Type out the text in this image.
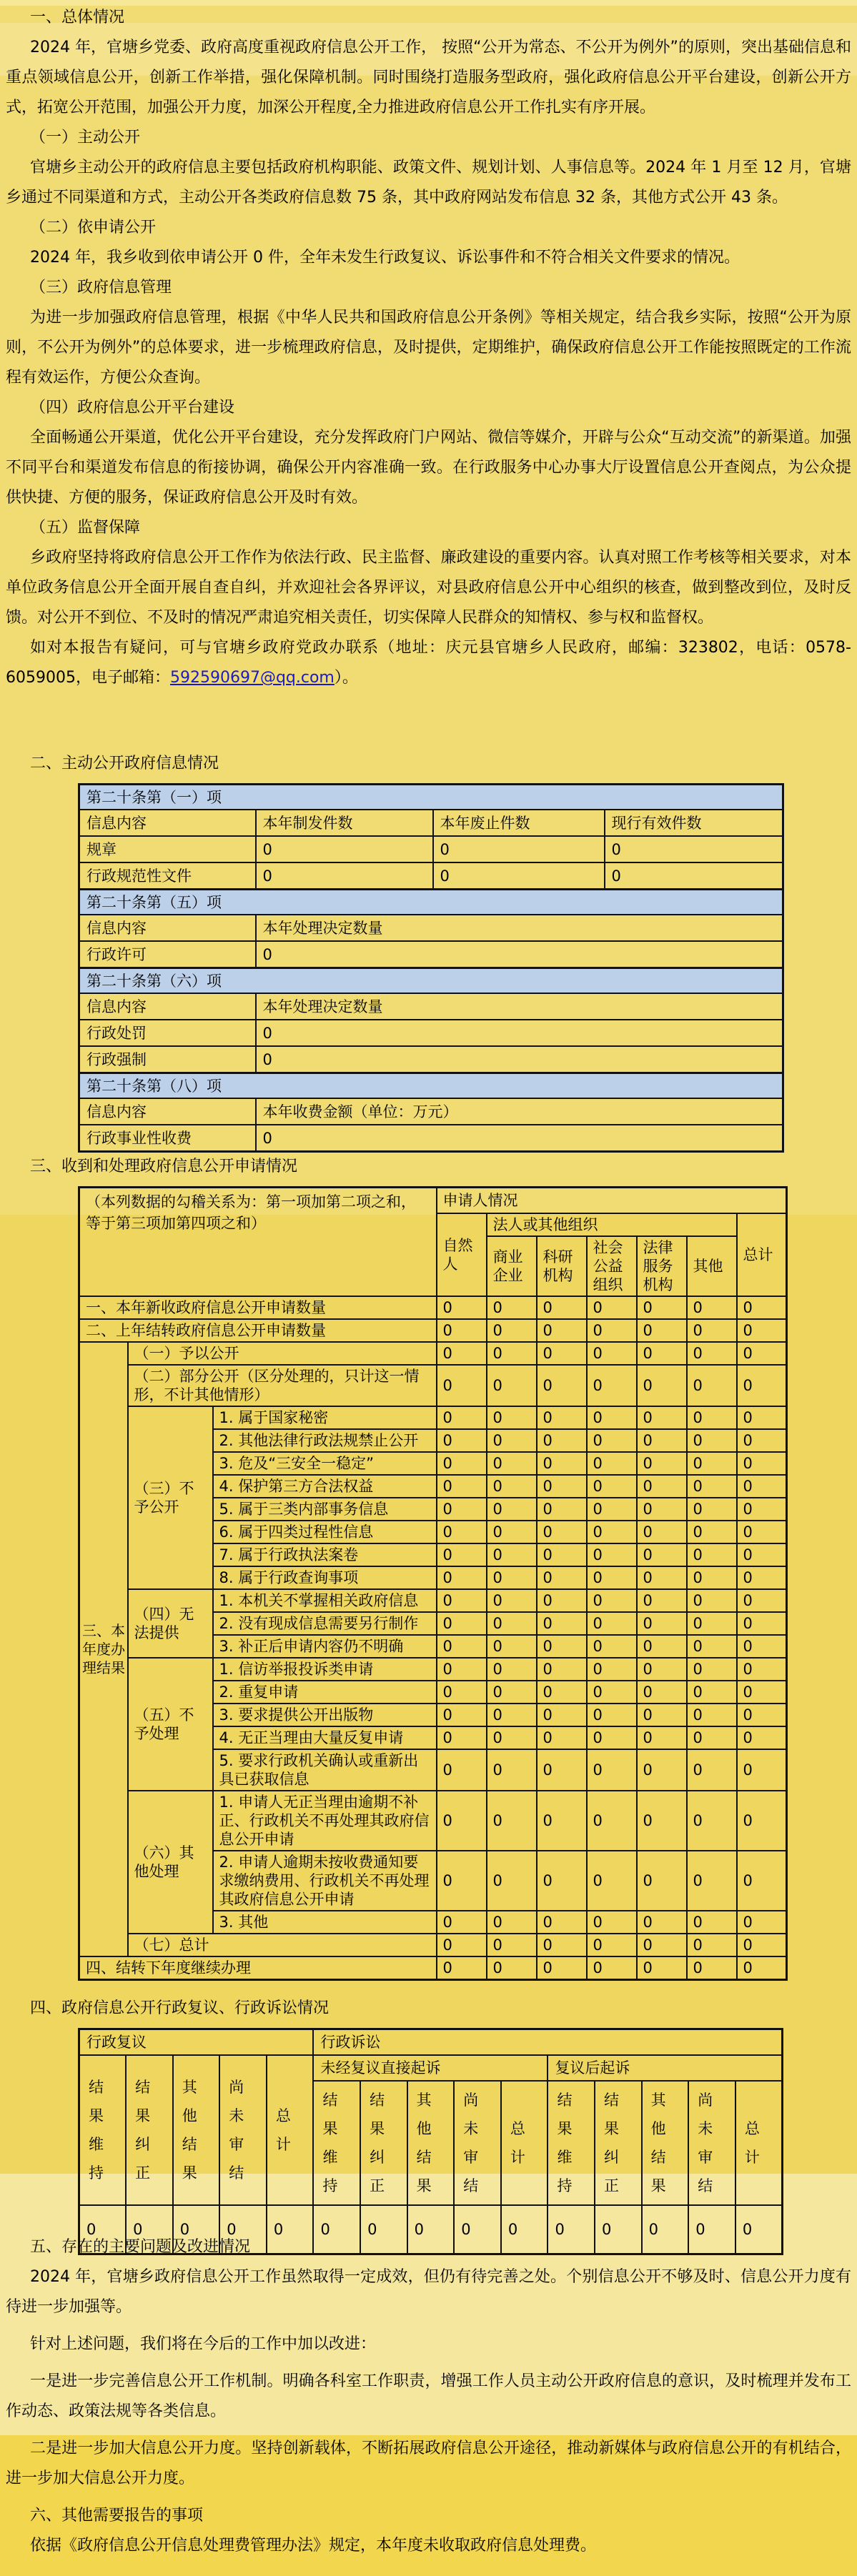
一、总体情况

2024 年，官塘乡党委、政府高度重视政府信息公开工作， 按照“公开为常态、不公开为例外”的原则，突出基础信息和重点领域信息公开，创新工作举措，强化保障机制。同时围绕打造服务型政府，强化政府信息公开平台建设，创新公开方式，拓宽公开范围，加强公开力度，加深公开程度,全力推进政府信息公开工作扎实有序开展。

（一）主动公开

官塘乡主动公开的政府信息主要包括政府机构职能、政策文件、规划计划、人事信息等。2024 年 1 月至 12 月，官塘乡通过不同渠道和方式，主动公开各类政府信息数 75 条，其中政府网站发布信息 32 条，其他方式公开 43 条。

（二）依申请公开

2024 年，我乡收到依申请公开 0 件，全年未发生行政复议、诉讼事件和不符合相关文件要求的情况。

（三）政府信息管理

为进一步加强政府信息管理，根据《中华人民共和国政府信息公开条例》等相关规定，结合我乡实际，按照“公开为原则，不公开为例外”的总体要求，进一步梳理政府信息，及时提供，定期维护，确保政府信息公开工作能按照既定的工作流程有效运作，方便公众查询。

（四）政府信息公开平台建设

全面畅通公开渠道，优化公开平台建设，充分发挥政府门户网站、微信等媒介，开辟与公众“互动交流”的新渠道。加强不同平台和渠道发布信息的衔接协调，确保公开内容准确一致。在行政服务中心办事大厅设置信息公开查阅点，为公众提供快捷、方便的服务，保证政府信息公开及时有效。

（五）监督保障

乡政府坚持将政府信息公开工作作为依法行政、民主监督、廉政建设的重要内容。认真对照工作考核等相关要求，对本单位政务信息公开全面开展自查自纠，并欢迎社会各界评议，对县政府信息公开中心组织的核查，做到整改到位，及时反馈。对公开不到位、不及时的情况严肃追究相关责任，切实保障人民群众的知情权、参与权和监督权。

如对本报告有疑问，可与官塘乡政府党政办联系（地址：庆元县官塘乡人民政府，邮编：323802，电话：0578-6059005，电子邮箱：592590697@qq.com）。

二、主动公开政府信息情况
第二十条第（一）项			
信息内容	本年制发件数	本年废止件数	现行有效件数
规章	0	0	0
行政规范性文件	0	0	0
第二十条第（五）项			
信息内容	本年处理决定数量		
行政许可	0		
第二十条第（六）项			
信息内容	本年处理决定数量		
行政处罚	0		
行政强制	0		
第二十条第（八）项			
信息内容	本年收费金额（单位：万元）		
行政事业性收费	0		
三、收到和处理政府信息公开申请情况
（本列数据的勾稽关系为：第一项加第二项之和，
等于第三项加第四项之和）			申请人情况						
			自然人	法人或其他组织					总计
				商业企业	科研机构	社会公益组织	法律服务机构	其他	
一、本年新收政府信息公开申请数量			0	0	0	0	0	0	0
二、上年结转政府信息公开申请数量			0	0	0	0	0	0	0
三、本年度办理结果	（一）予以公开		0	0	0	0	0	0	0
	（二）部分公开（区分处理的，只计这一情形，不计其他情形）		0	0	0	0	0	0	0
	（三）不予公开	1. 属于国家秘密	0	0	0	0	0	0	0
		2. 其他法律行政法规禁止公开	0	0	0	0	0	0	0
		3. 危及“三安全一稳定”	0	0	0	0	0	0	0
		4. 保护第三方合法权益	0	0	0	0	0	0	0
		5. 属于三类内部事务信息	0	0	0	0	0	0	0
		6. 属于四类过程性信息	0	0	0	0	0	0	0
		7. 属于行政执法案卷	0	0	0	0	0	0	0
		8. 属于行政查询事项	0	0	0	0	0	0	0
	（四）无法提供	1. 本机关不掌握相关政府信息	0	0	0	0	0	0	0
		2. 没有现成信息需要另行制作	0	0	0	0	0	0	0
		3. 补正后申请内容仍不明确	0	0	0	0	0	0	0
	（五）不予处理	1. 信访举报投诉类申请	0	0	0	0	0	0	0
		2. 重复申请	0	0	0	0	0	0	0
		3. 要求提供公开出版物	0	0	0	0	0	0	0
		4. 无正当理由大量反复申请	0	0	0	0	0	0	0
		5. 要求行政机关确认或重新出具已获取信息	0	0	0	0	0	0	0
	（六）其他处理	1. 申请人无正当理由逾期不补正、行政机关不再处理其政府信息公开申请	0	0	0	0	0	0	0
		2. 申请人逾期未按收费通知要求缴纳费用、行政机关不再处理其政府信息公开申请	0	0	0	0	0	0	0
		3. 其他	0	0	0	0	0	0	0
	（七）总计		0	0	0	0	0	0	0
四、结转下年度继续办理			0	0	0	0	0	0	0
四、政府信息公开行政复议、行政诉讼情况
行政复议					行政诉讼									
结果维持	结果纠正	其他结果	尚未审结	总计	未经复议直接起诉					复议后起诉				
					结果维持	结果纠正	其他结果	尚未审结	总计	结果维持	结果纠正	其他结果	尚未审结	总计
0	0	0	0	0	0	0	0	0	0	0	0	0	0	0
五、存在的主要问题及改进情况

2024 年，官塘乡政府信息公开工作虽然取得一定成效，但仍有待完善之处。个别信息公开不够及时、信息公开力度有待进一步加强等。

针对上述问题，我们将在今后的工作中加以改进：

一是进一步完善信息公开工作机制。明确各科室工作职责，增强工作人员主动公开政府信息的意识，及时梳理并发布工作动态、政策法规等各类信息。

二是进一步加大信息公开力度。坚持创新载体，不断拓展政府信息公开途径，推动新媒体与政府信息公开的有机结合，进一步加大信息公开力度。

六、其他需要报告的事项

依据《政府信息公开信息处理费管理办法》规定，本年度未收取政府信息处理费。
